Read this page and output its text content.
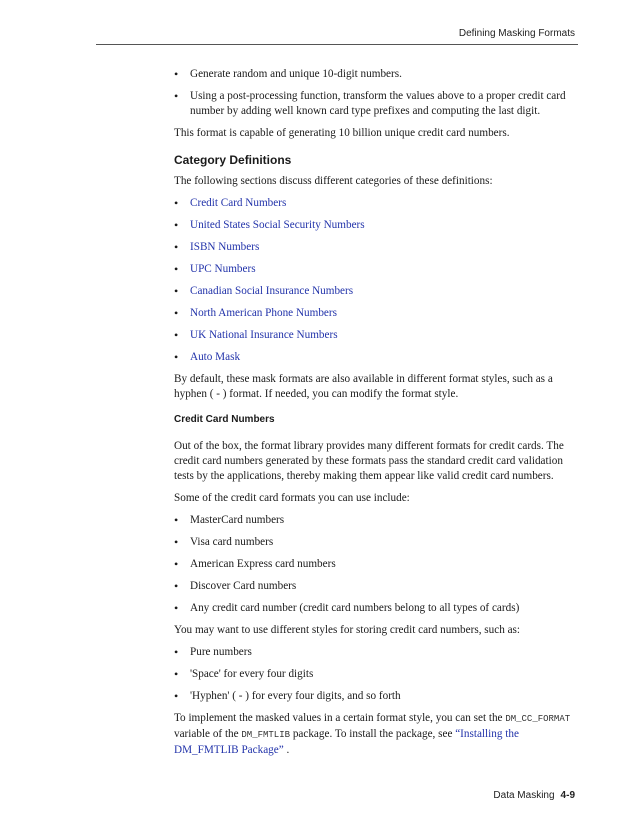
Defining Masking Formats
• Generate random and unique 10-digit numbers.
• Using a post-processing function, transform the values above to a proper credit card number by adding well known card type prefixes and computing the last digit.

This format is capable of generating 10 billion unique credit card numbers.

Category Definitions

The following sections discuss different categories of these definitions:

• Credit Card Numbers
• United States Social Security Numbers
• ISBN Numbers
• UPC Numbers
• Canadian Social Insurance Numbers
• North American Phone Numbers
• UK National Insurance Numbers
• Auto Mask

By default, these mask formats are also available in different format styles, such as a hyphen ( - ) format. If needed, you can modify the format style.

Credit Card Numbers

Out of the box, the format library provides many different formats for credit cards. The credit card numbers generated by these formats pass the standard credit card validation tests by the applications, thereby making them appear like valid credit card numbers.

Some of the credit card formats you can use include:

• MasterCard numbers
• Visa card numbers
• American Express card numbers
• Discover Card numbers
• Any credit card number (credit card numbers belong to all types of cards)

You may want to use different styles for storing credit card numbers, such as:

• Pure numbers
• 'Space' for every four digits
• 'Hyphen' ( - ) for every four digits, and so forth

To implement the masked values in a certain format style, you can set the DM_CC_FORMAT variable of the DM_FMTLIB package. To install the package, see “Installing the DM_FMTLIB Package” .

Data Masking 4-9
